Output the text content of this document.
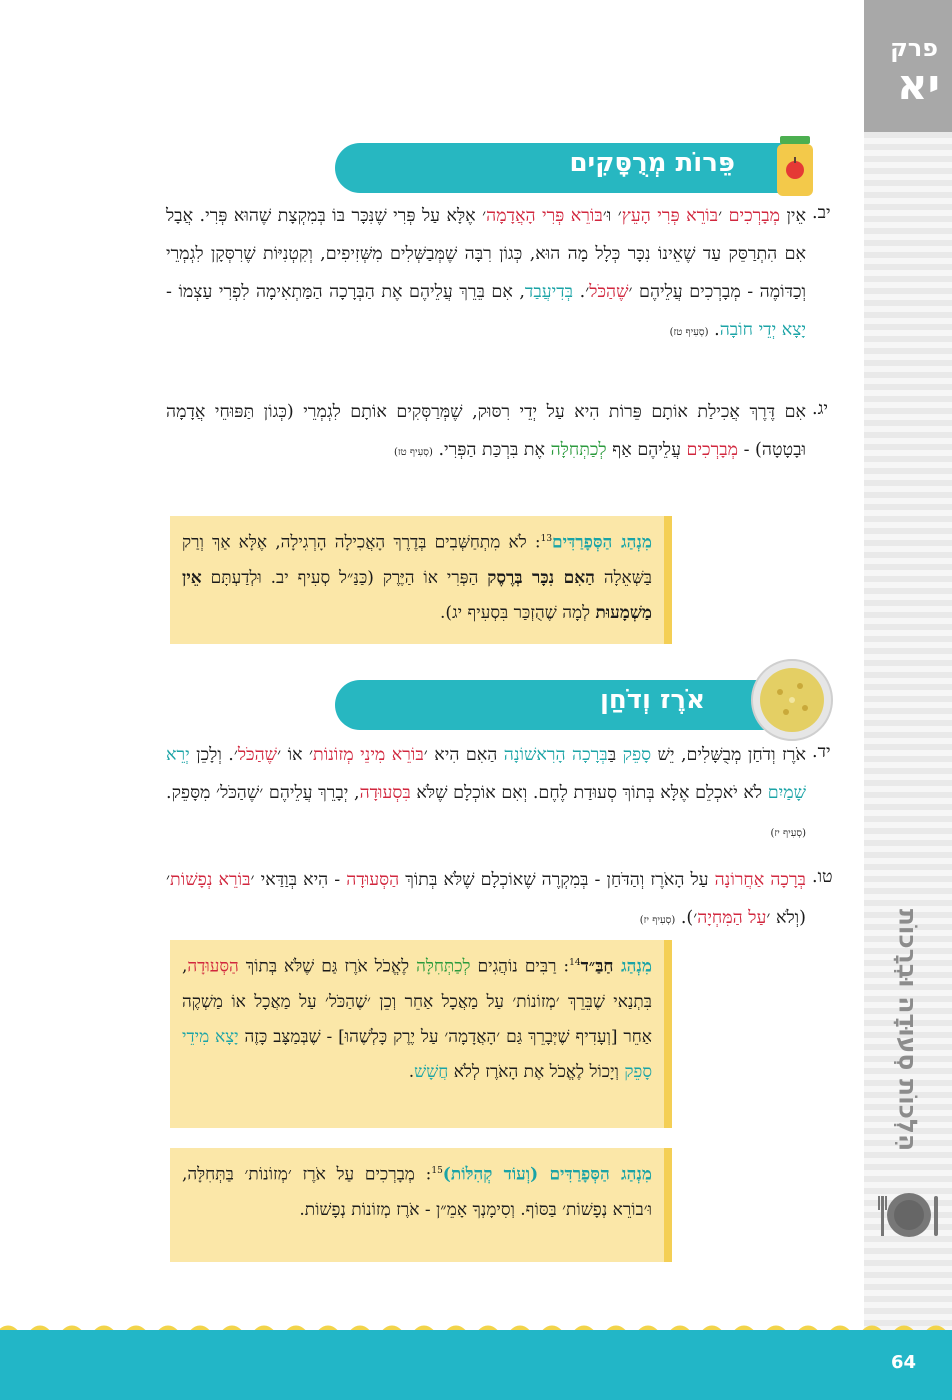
פרק
יא
הִלְכוֹת סְעוּדָה וּבְרָכוֹת
פֵּרוֹת מְרֻסָּקִים
יב.
אֵין מְבָרְכִים ׳בּוֹרֵא פְּרִי הָעֵץ׳ וּ׳בּוֹרֵא פְּרִי הָאֲדָמָה׳ אֶלָּא עַל פְּרִי שֶׁנִּכָּר בּוֹ בְּמִקְצָת שֶׁהוּא פְּרִי. אֲבָל אִם הִתְרַסֵּק עַד שֶׁאֵינוֹ נִכָּר כְּלָל מָה הוּא, כְּגוֹן רִבָּה שֶׁמְּבַשְּׁלִים מִשְּׁזִיפִים, וְקִטְנִיּוֹת שֶׁרִסְּקָן לִגְמְרֵי וְכַדּוֹמֶה - מְבָרְכִים עֲלֵיהֶם ׳שֶׁהַכֹּל׳. בְּדִיעֲבַד, אִם בֵּרֵךְ עֲלֵיהֶם אֶת הַבְּרָכָה הַמַּתְאִימָה לִפְרִי עַצְמוֹ - יָצָא יְדֵי חוֹבָה. (סְעִיף טז)
יג.
אִם דֶּרֶךְ אֲכִילַת אוֹתָם פֵּרוֹת הִיא עַל יְדֵי רִסּוּק, שֶׁמְּרַסְּקִים אוֹתָם לִגְמְרֵי (כְּגוֹן תַּפּוּחֵי אֲדָמָה וּבָטָטָה) - מְבָרְכִים עֲלֵיהֶם אַף לְכַתְּחִלָּה אֶת בִּרְכַּת הַפְּרִי. (סְעִיף טז)
מִנְהַג הַסְּפָרַדִּים$^{13}$: לֹא מִתְחַשְּׁבִים בְּדֶרֶךְ הָאֲכִילָה הָרְגִילָה, אֶלָּא אַךְ וְרַק בַּשְּׁאֵלָה הַאִם נִכָּר בְּרֶסֶק הַפְּרִי אוֹ הַיֶּרֶק (כַּנַּ״ל סְעִיף יב. וּלְדַעְתָּם אֵין מַשְׁמָעוּת לְמָה שֶׁהֻזְכַּר בִּסְעִיף יג).
אֹרֶז וְדֹחַן
יד.
אֹרֶז וְדֹחַן מְבֻשָּׁלִים, יֵשׁ סָפֵק בַּבְּרָכָה הָרִאשׁוֹנָה הַאִם הִיא ׳בּוֹרֵא מִינֵי מְזוֹנוֹת׳ אוֹ ׳שֶׁהַכֹּל׳. וְלָכֵן יְרֵא שָׁמַיִם לֹא יֹאכְלֵם אֶלָּא בְּתוֹךְ סְעוּדַת לֶחֶם. וְאִם אוֹכְלָם שֶׁלֹּא בִּסְעוּדָה, יְבָרֵךְ עֲלֵיהֶם ׳שֶׁהַכֹּל׳ מִסָּפֵק. (סְעִיף יז)
טו.
בְּרָכָה אַחֲרוֹנָה עַל הָאֹרֶז וְהַדֹּחַן - בְּמִקְרֶה שֶׁאוֹכְלָם שֶׁלֹּא בְּתוֹךְ הַסְּעוּדָה - הִיא בְּוַדַּאי ׳בּוֹרֵא נְפָשׁוֹת׳ (וְלֹא ׳עַל הַמִּחְיָה׳). (סְעִיף יז)
מִנְהַג חַבַּ״ד$^{14}$: רַבִּים נוֹהֲגִים לְכַתְּחִלָּה לֶאֱכֹל אֹרֶז גַּם שֶׁלֹּא בְּתוֹךְ הַסְּעוּדָה, בִּתְנַאי שֶׁבֵּרֵךְ ׳מְזוֹנוֹת׳ עַל מַאֲכָל אַחֵר וְכֵן ׳שֶׁהַכֹּל׳ עַל מַאֲכָל אוֹ מַשְׁקֶה אַחֵר [וְעָדִיף שֶׁיְּבָרֵךְ גַּם ׳הָאֲדָמָה׳ עַל יֶרֶק כָּלְשֶׁהוּ] - שֶׁבְּמַצָּב כָּזֶה יָצָא מִידֵי סָפֵק וְיָכוֹל לֶאֱכֹל אֶת הָאֹרֶז לְלֹא חֲשָׁשׁ.
מִנְהַג הַסְּפָרַדִּים (וְעוֹד קְהִלּוֹת)$^{15}$: מְבָרְכִים עַל אֹרֶז ׳מְזוֹנוֹת׳ בַּתְּחִלָּה, וּ׳בוֹרֵא נְפָשׁוֹת׳ בַּסּוֹף. וְסִימָנְךָ אָמֵ״ן - אֹרֶז מְזוֹנוֹת נְפָשׁוֹת.
64
